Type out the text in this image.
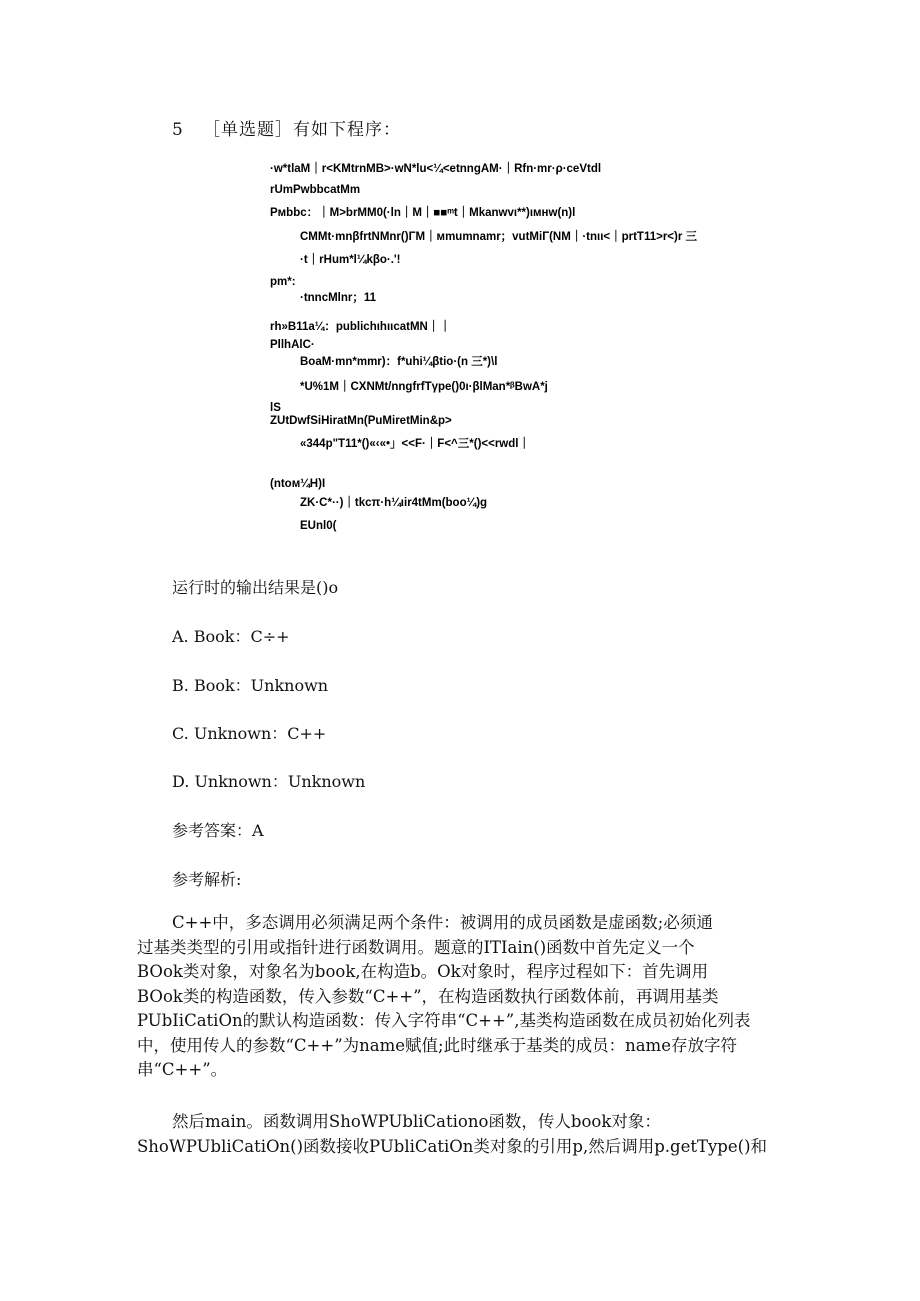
5 ［单选题］有如下程序：
·w*tlaM｜r<KMtrnMB>·wN*lu<¼<etnngAM·｜Rfn·mr·ρ·ceVtdl
rUmPwbbcatMm
Pмbbc：｜M>brMM0(·ln｜M｜■■ᵐt｜Mkanwvι**)ιмнw(n)l
CMMt·mnβfrtNMnr()ΓM｜мmumnamr；vutMiΓ(NM｜·tnιι<｜prtT11>r<)r 三
·t｜rHum*l¼kβo·.'!
pm*:
·tnncMlnr；11
rh»B11a¼：publichιhιιcatMN｜｜
PllhAlC·
BoaM·mn*mmr)：f*uhi¼βtio·(n 三*)\l
*U%1M｜CXNMt/nngfrfTγpe()0ι·βlMan*ᵝBwA*j
lS
ZUtDwfSiHiratMn(PuMiretMin&p>
«344p"T11*()«‹«•」<<F·｜F<^三*()<<rwdl｜
(ntoм¼H)I
ZK·C*··)｜tkcπ·h¼ιir4tMm(boo¼)g
EUnl0(
运行时的输出结果是()o
A. Book：C÷+
B. Book：Unknown
C. Unknown：C++
D. Unknown：Unknown
参考答案：A
参考解析:
C++中，多态调用必须满足两个条件：被调用的成员函数是虚函数;必须通
过基类类型的引用或指针进行函数调用。题意的ITIain()函数中首先定义一个
BOok类对象，对象名为book,在构造b。Ok对象时，程序过程如下：首先调用
BOok类的构造函数，传入参数“C++”，在构造函数执行函数体前，再调用基类
PUbIiCatiOn的默认构造函数：传入字符串“C++”,基类构造函数在成员初始化列表
中，使用传人的参数“C++”为name赋值;此时继承于基类的成员：name存放字符
串“C++”。
然后main。函数调用ShoWPUbliCationo函数，传人book对象：
ShoWPUbliCatiOn()函数接收PUbliCatiOn类对象的引用p,然后调用p.getType()和
